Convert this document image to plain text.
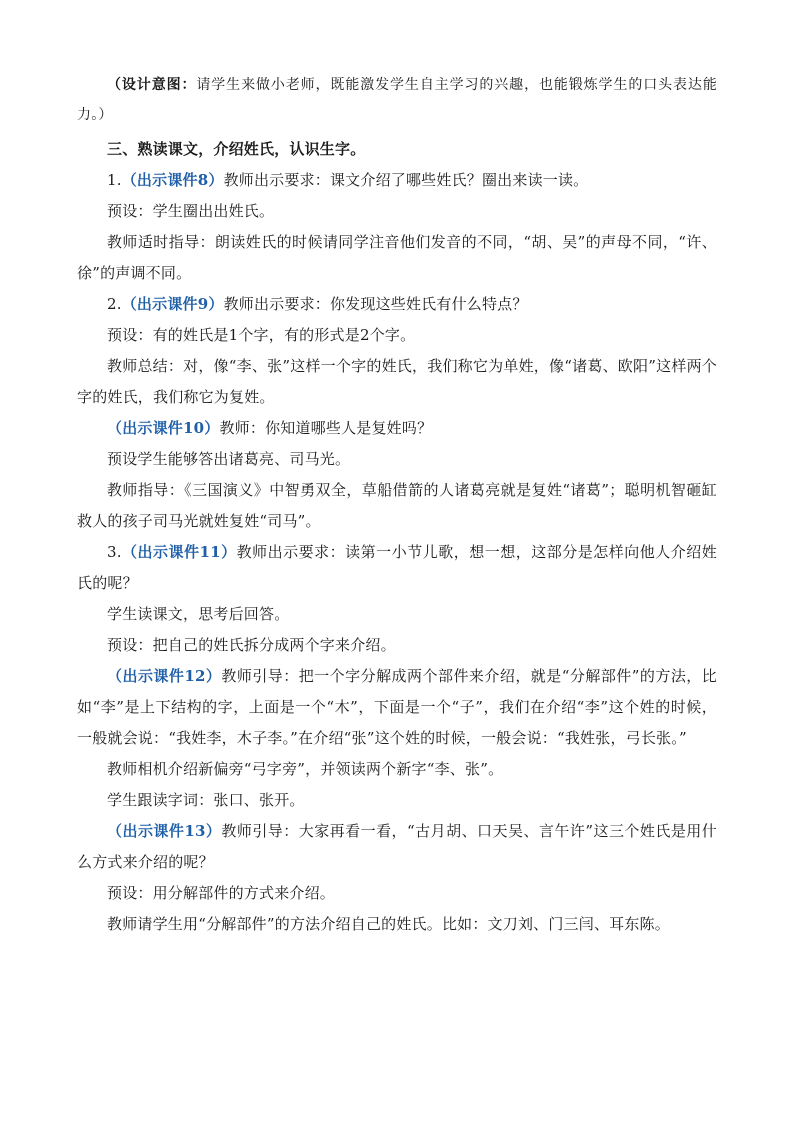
（设计意图：请学生来做小老师，既能激发学生自主学习的兴趣，也能锻炼学生的口头表达能力。）

三、熟读课文，介绍姓氏，认识生字。

1.（出示课件8）教师出示要求：课文介绍了哪些姓氏？圈出来读一读。

预设：学生圈出出姓氏。

教师适时指导：朗读姓氏的时候请同学注音他们发音的不同，“胡、吴”的声母不同，“许、徐”的声调不同。

2.（出示课件9）教师出示要求：你发现这些姓氏有什么特点？

预设：有的姓氏是1个字，有的形式是2个字。

教师总结：对，像“李、张”这样一个字的姓氏，我们称它为单姓，像“诸葛、欧阳”这样两个字的姓氏，我们称它为复姓。

（出示课件10）教师：你知道哪些人是复姓吗？

预设学生能够答出诸葛亮、司马光。

教师指导：《三国演义》中智勇双全，草船借箭的人诸葛亮就是复姓“诸葛”；聪明机智砸缸救人的孩子司马光就姓复姓“司马”。

3.（出示课件11）教师出示要求：读第一小节儿歌，想一想，这部分是怎样向他人介绍姓氏的呢？

学生读课文，思考后回答。

预设：把自己的姓氏拆分成两个字来介绍。

（出示课件12）教师引导：把一个字分解成两个部件来介绍，就是“分解部件”的方法，比如“李”是上下结构的字，上面是一个“木”，下面是一个“子”，我们在介绍“李”这个姓的时候，一般就会说：“我姓李，木子李。”在介绍“张”这个姓的时候，一般会说：“我姓张，弓长张。”

教师相机介绍新偏旁“弓字旁”，并领读两个新字“李、张”。

学生跟读字词：张口、张开。

（出示课件13）教师引导：大家再看一看，“古月胡、口天吴、言午许”这三个姓氏是用什么方式来介绍的呢？

预设：用分解部件的方式来介绍。

教师请学生用“分解部件”的方法介绍自己的姓氏。比如：文刀刘、门三闫、耳东陈。
